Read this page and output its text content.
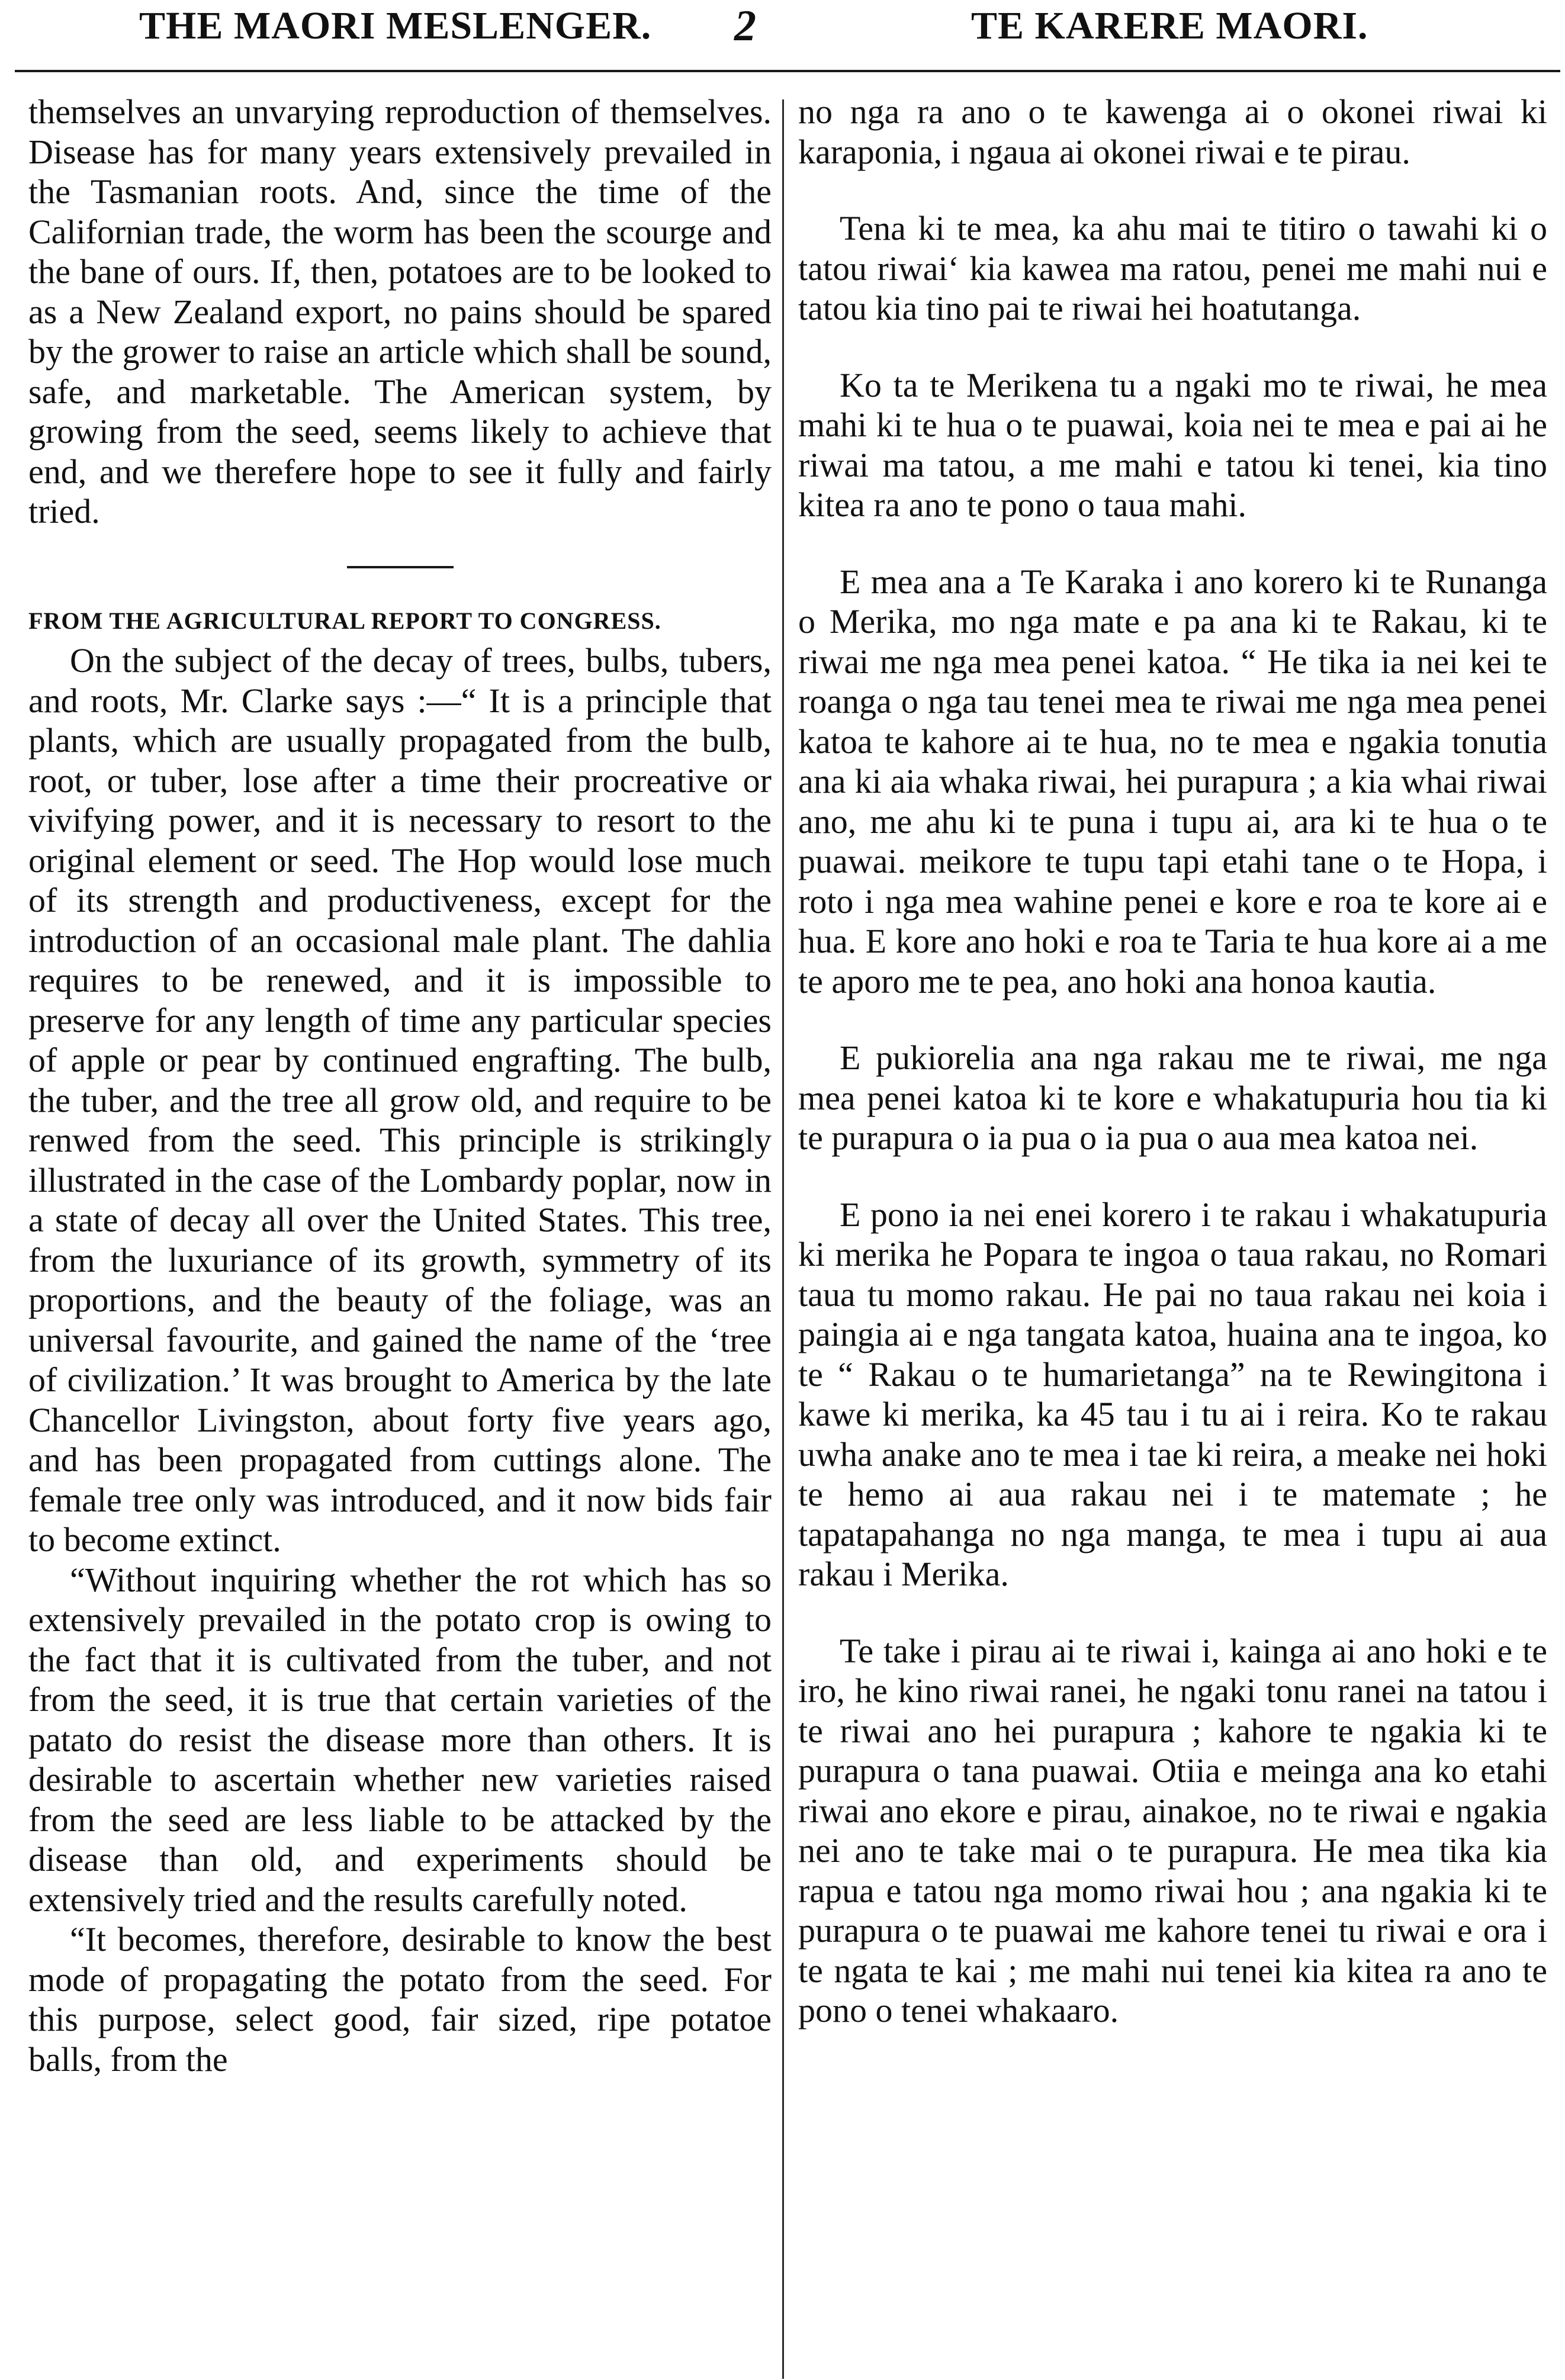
THE MAORI MESLENGER. 2	TE KARERE MAORI.

themselves an unvarying reproduction of themselves. Disease has for many years extensively prevailed in the Tasmanian roots. And, since the time of the Californian trade, the worm has been the scourge and the bane of ours. If, then, potatoes are to be looked to as a New Zealand export, no pains should be spared by the grower to raise an article which shall be sound, safe, and marketable. The American system, by growing from the seed, seems likely to achieve that end, and we therefere hope to see it fully and fairly tried.

FROM THE AGRICULTURAL REPORT TO CONGRESS.

On the subject of the decay of trees, bulbs, tubers, and roots, Mr. Clarke says :—“ It is a principle that plants, which are usually propagated from the bulb, root, or tuber, lose after a time their procreative or vivifying power, and it is necessary to resort to the original element or seed. The Hop would lose much of its strength and productiveness, except for the introduction of an occasional male plant. The dahlia requires to be renewed, and it is impossible to preserve for any length of time any particular species of apple or pear by continued engrafting. The bulb, the tuber, and the tree all grow old, and require to be renwed from the seed. This principle is strikingly illustrated in the case of the Lombardy poplar, now in a state of decay all over the United States. This tree, from the luxuriance of its growth, symmetry of its proportions, and the beauty of the foliage, was an universal favourite, and gained the name of the ‘tree of civilization.’ It was brought to America by the late Chancellor Livingston, about forty five years ago, and has been propagated from cuttings alone. The female tree only was introduced, and it now bids fair to become extinct.

“Without inquiring whether the rot which has so extensively prevailed in the potato crop is owing to the fact that it is cultivated from the tuber, and not from the seed, it is true that certain varieties of the patato do resist the disease more than others. It is desirable to ascertain whether new varieties raised from the seed are less liable to be attacked by the disease than old, and experiments should be extensively tried and the results carefully noted.

“It becomes, therefore, desirable to know the best mode of propagating the potato from the seed. For this purpose, select good, fair sized, ripe potatoe balls, from the

no nga ra ano o te kawenga ai o okonei riwai ki karaponia, i ngaua ai okonei riwai e te pirau.

Tena ki te mea, ka ahu mai te titiro o tawahi ki o tatou riwai‘ kia kawea ma ratou, penei me mahi nui e tatou kia tino pai te riwai hei hoatutanga.

Ko ta te Merikena tu a ngaki mo te riwai, he mea mahi ki te hua o te puawai, koia nei te mea e pai ai he riwai ma tatou, a me mahi e tatou ki tenei, kia tino kitea ra ano te pono o taua mahi.

E mea ana a Te Karaka i ano korero ki te Runanga o Merika, mo nga mate e pa ana ki te Rakau, ki te riwai me nga mea penei katoa. “ He tika ia nei kei te roanga o nga tau tenei mea te riwai me nga mea penei katoa te kahore ai te hua, no te mea e ngakia tonutia ana ki aia whaka riwai, hei purapura ; a kia whai riwai ano, me ahu ki te puna i tupu ai, ara ki te hua o te puawai. meikore te tupu tapi etahi tane o te Hopa, i roto i nga mea wahine penei e kore e roa te kore ai e hua. E kore ano hoki e roa te Taria te hua kore ai a me te aporo me te pea, ano hoki ana honoa kautia.

E pukiorelia ana nga rakau me te riwai, me nga mea penei katoa ki te kore e whakatupuria hou tia ki te purapura o ia pua o ia pua o aua mea katoa nei.

E pono ia nei enei korero i te rakau i whakatupuria ki merika he Popara te ingoa o taua rakau, no Romari taua tu momo rakau. He pai no taua rakau nei koia i paingia ai e nga tangata katoa, huaina ana te ingoa, ko te “ Rakau o te humarietanga” na te Rewingitona i kawe ki merika, ka 45 tau i tu ai i reira. Ko te rakau uwha anake ano te mea i tae ki reira, a meake nei hoki te hemo ai aua rakau nei i te matemate ; he tapatapahanga no nga manga, te mea i tupu ai aua rakau i Merika.

Te take i pirau ai te riwai i, kainga ai ano hoki e te iro, he kino riwai ranei, he ngaki tonu ranei na tatou i te riwai ano hei purapura ; kahore te ngakia ki te purapura o tana puawai. Otiia e meinga ana ko etahi riwai ano ekore e pirau, ainakoe, no te riwai e ngakia nei ano te take mai o te purapura. He mea tika kia rapua e tatou nga momo riwai hou ; ana ngakia ki te purapura o te puawai me kahore tenei tu riwai e ora i te ngata te kai ; me mahi nui tenei kia kitea ra ano te pono o tenei whakaaro.
